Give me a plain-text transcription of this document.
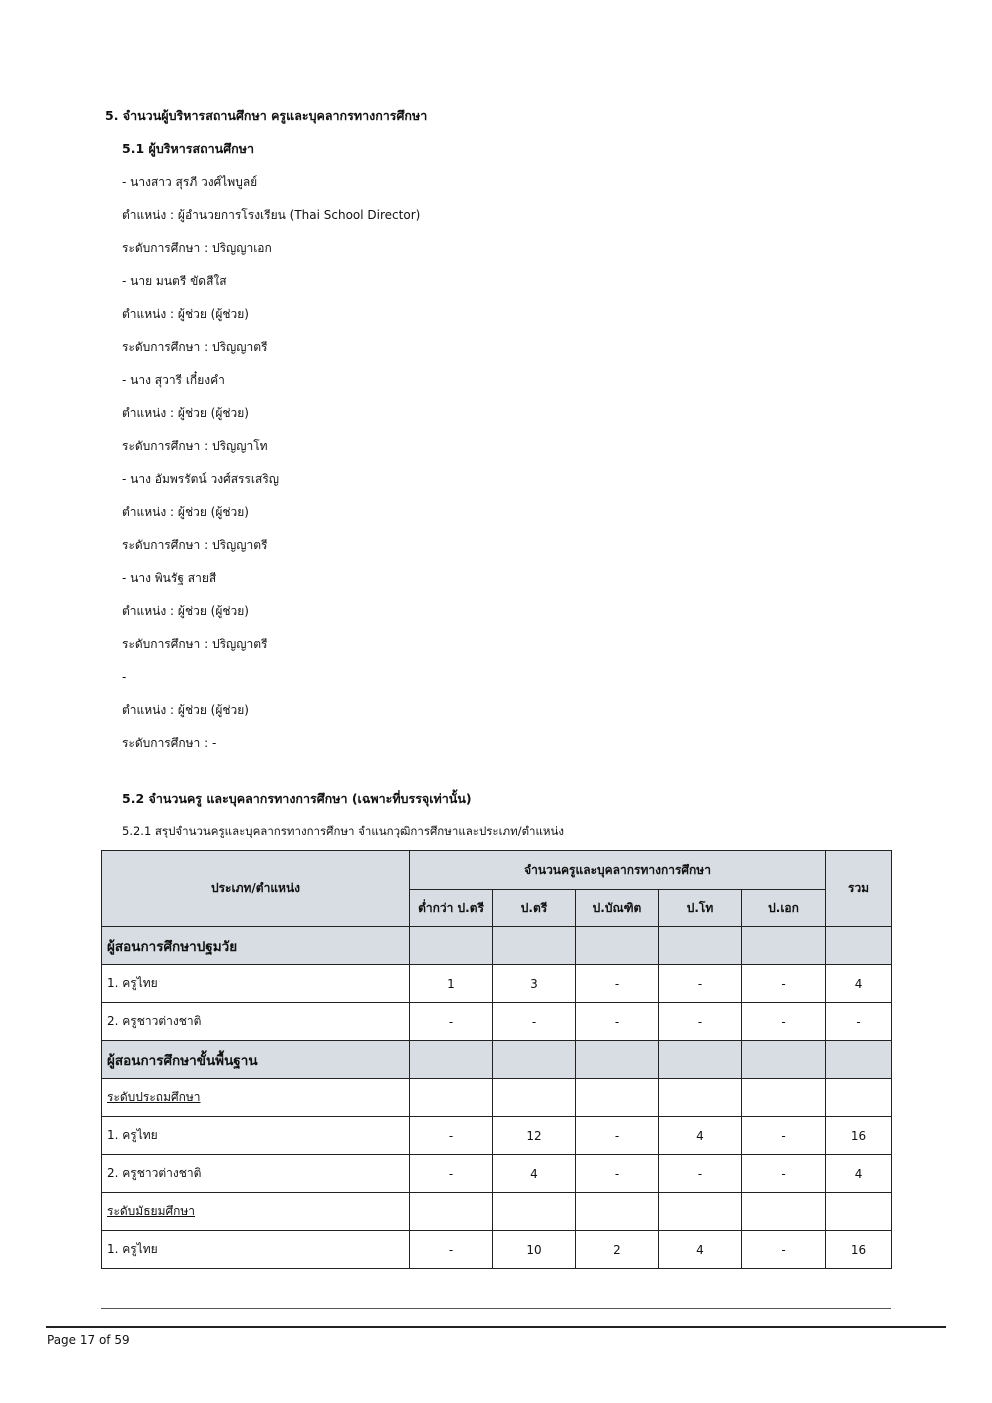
5. จำนวนผู้บริหารสถานศึกษา ครูและบุคลากรทางการศึกษา
5.1 ผู้บริหารสถานศึกษา
- นางสาว สุรภี วงศ์ไพบูลย์
ตำแหน่ง : ผู้อำนวยการโรงเรียน (Thai School Director)
ระดับการศึกษา : ปริญญาเอก
- นาย มนตรี ขัดสีใส
ตำแหน่ง : ผู้ช่วย (ผู้ช่วย)
ระดับการศึกษา : ปริญญาตรี
- นาง สุวารี เกี๋ยงคำ
ตำแหน่ง : ผู้ช่วย (ผู้ช่วย)
ระดับการศึกษา : ปริญญาโท
- นาง อัมพรรัตน์ วงศ์สรรเสริญ
ตำแหน่ง : ผู้ช่วย (ผู้ช่วย)
ระดับการศึกษา : ปริญญาตรี
- นาง พินรัฐ สายสี
ตำแหน่ง : ผู้ช่วย (ผู้ช่วย)
ระดับการศึกษา : ปริญญาตรี
-
ตำแหน่ง : ผู้ช่วย (ผู้ช่วย)
ระดับการศึกษา : -
5.2 จำนวนครู และบุคลากรทางการศึกษา (เฉพาะที่บรรจุเท่านั้น)
5.2.1 สรุปจำนวนครูและบุคลากรทางการศึกษา จำแนกวุฒิการศึกษาและประเภท/ตำแหน่ง
ประเภท/ตำแหน่ง	จำนวนครูและบุคลากรทางการศึกษา					รวม
	ต่ำกว่า ป.ตรี	ป.ตรี	ป.บัณฑิต	ป.โท	ป.เอก	
ผู้สอนการศึกษาปฐมวัย						
1. ครูไทย	1	3	-	-	-	4
2. ครูชาวต่างชาติ	-	-	-	-	-	-
ผู้สอนการศึกษาขั้นพื้นฐาน						
ระดับประถมศึกษา						
1. ครูไทย	-	12	-	4	-	16
2. ครูชาวต่างชาติ	-	4	-	-	-	4
ระดับมัธยมศึกษา						
1. ครูไทย	-	10	2	4	-	16
Page 17 of 59
